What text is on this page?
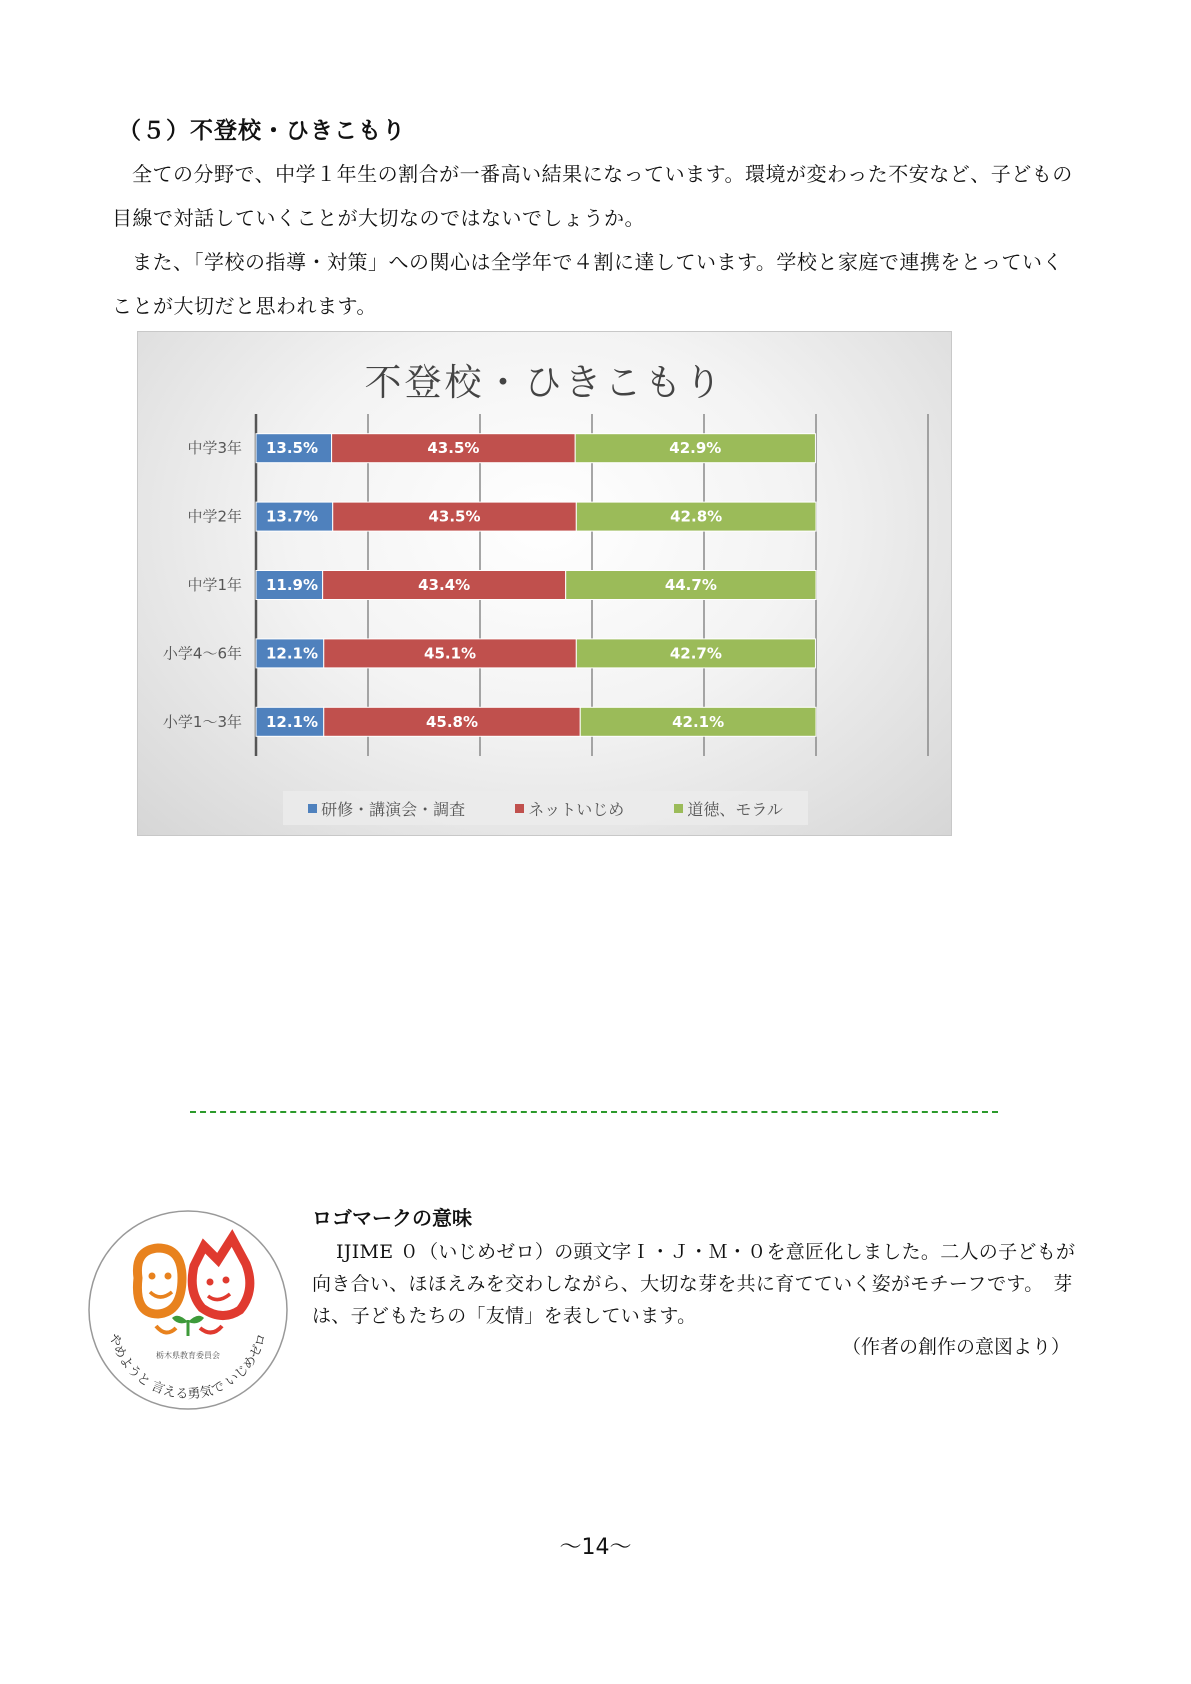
（５）不登校・ひきこもり
全ての分野で、中学１年生の割合が一番高い結果になっています。環境が変わった不安など、子どもの目線で対話していくことが大切なのではないでしょうか。
また、「学校の指導・対策」への関心は全学年で４割に達しています。学校と家庭で連携をとっていくことが大切だと思われます。
中学3年 13.5%	43.5%	42.9%
中学2年 13.7%	43.5%	42.8%
中学1年 11.9%	43.4%	44.7%
小学4〜6年 12.1%	45.1%	42.7%
小学1〜3年 12.1%	45.8%	42.1%
不登校・ひきこもり
研修・講演会・調査	ネットいじめ	道徳、モラル
栃木県教育委員会
やめようと 言える勇気で いじめゼロ
ロゴマークの意味
IJIME ０（いじめゼロ）の頭文字Ｉ・Ｊ・Ｍ・０を意匠化しました。二人の子どもが向き合い、ほほえみを交わしながら、大切な芽を共に育てていく姿がモチーフです。　芽は、子どもたちの「友情」を表しています。
（作者の創作の意図より）
〜14〜
